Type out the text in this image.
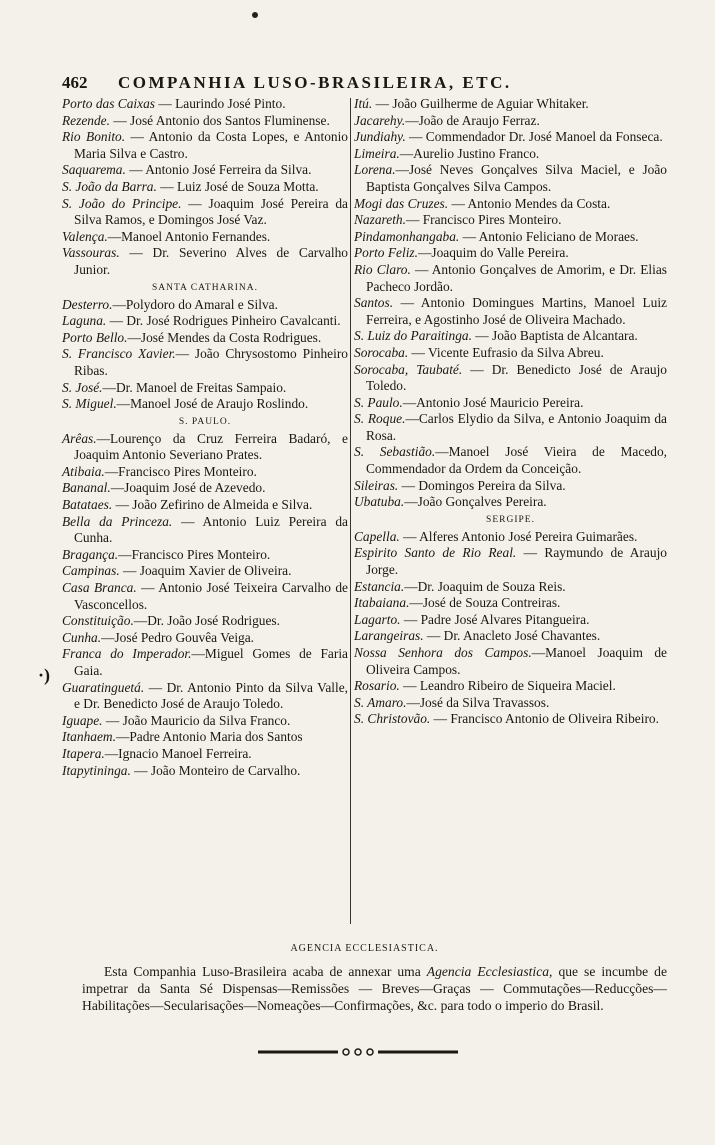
462	COMPANHIA LUSO-BRASILEIRA, ETC.
Porto das Caixas — Laurindo José Pinto.
Rezende. — José Antonio dos Santos Fluminense.
Rio Bonito. — Antonio da Costa Lopes, e Antonio Maria Silva e Castro.
Saquarema. — Antonio José Ferreira da Silva.
S. João da Barra. — Luiz José de Souza Motta.
S. João do Principe. — Joaquim José Pereira da Silva Ramos, e Domingos José Vaz.
Valença.—Manoel Antonio Fernandes.
Vassouras. — Dr. Severino Alves de Carvalho Junior.
SANTA CATHARINA.
Desterro.—Polydoro do Amaral e Silva.
Laguna. — Dr. José Rodrigues Pinheiro Cavalcanti.
Porto Bello.—José Mendes da Costa Rodrigues.
S. Francisco Xavier.— João Chrysostomo Pinheiro Ribas.
S. José.—Dr. Manoel de Freitas Sampaio.
S. Miguel.—Manoel José de Araujo Roslindo.
S. PAULO.
Arêas.—Lourenço da Cruz Ferreira Badaró, e Joaquim Antonio Severiano Prates.
Atibaia.—Francisco Pires Monteiro.
Bananal.—Joaquim José de Azevedo.
Batataes. — João Zefirino de Almeida e Silva.
Bella da Princeza. — Antonio Luiz Pereira da Cunha.
Bragança.—Francisco Pires Monteiro.
Campinas. — Joaquim Xavier de Oliveira.
Casa Branca. — Antonio José Teixeira Carvalho de Vasconcellos.
Constituição.—Dr. João José Rodrigues.
Cunha.—José Pedro Gouvêa Veiga.
Franca do Imperador.—Miguel Gomes de Faria Gaia.
Guaratinguetá. — Dr. Antonio Pinto da Silva Valle, e Dr. Benedicto José de Araujo Toledo.
Iguape. — João Mauricio da Silva Franco.
Itanhaem.—Padre Antonio Maria dos Santos
Itapera.—Ignacio Manoel Ferreira.
Itapytininga. — João Monteiro de Carvalho.
Itú. — João Guilherme de Aguiar Whitaker.
Jacarehy.—João de Araujo Ferraz.
Jundiahy. — Commendador Dr. José Manoel da Fonseca.
Limeira.—Aurelio Justino Franco.
Lorena.—José Neves Gonçalves Silva Maciel, e João Baptista Gonçalves Silva Campos.
Mogi das Cruzes. — Antonio Mendes da Costa.
Nazareth.— Francisco Pires Monteiro.
Pindamonhangaba. — Antonio Feliciano de Moraes.
Porto Feliz.—Joaquim do Valle Pereira.
Rio Claro. — Antonio Gonçalves de Amorim, e Dr. Elias Pacheco Jordão.
Santos. — Antonio Domingues Martins, Manoel Luiz Ferreira, e Agostinho José de Oliveira Machado.
S. Luiz do Paraitinga. — João Baptista de Alcantara.
Sorocaba. — Vicente Eufrasio da Silva Abreu.
Sorocaba, Taubaté. — Dr. Benedicto José de Araujo Toledo.
S. Paulo.—Antonio José Mauricio Pereira.
S. Roque.—Carlos Elydio da Silva, e Antonio Joaquim da Rosa.
S. Sebastião.—Manoel José Vieira de Macedo, Commendador da Ordem da Conceição.
Sileiras. — Domingos Pereira da Silva.
Ubatuba.—João Gonçalves Pereira.
SERGIPE.
Capella. — Alferes Antonio José Pereira Guimarães.
Espirito Santo de Rio Real. — Raymundo de Araujo Jorge.
Estancia.—Dr. Joaquim de Souza Reis.
Itabaiana.—José de Souza Contreiras.
Lagarto. — Padre José Alvares Pitangueira.
Larangeiras. — Dr. Anacleto José Chavantes.
Nossa Senhora dos Campos.—Manoel Joaquim de Oliveira Campos.
Rosario. — Leandro Ribeiro de Siqueira Maciel.
S. Amaro.—José da Silva Travassos.
S. Christovão. — Francisco Antonio de Oliveira Ribeiro.
·)
AGENCIA ECCLESIASTICA.
Esta Companhia Luso-Brasileira acaba de annexar uma Agencia Ecclesiastica, que se incumbe de impetrar da Santa Sé Dispensas—Remissões — Breves—Graças — Commutações—Reducções—Habilitações—Secularisações—Nomeações—Confirmações, &c. para todo o imperio do Brasil.
